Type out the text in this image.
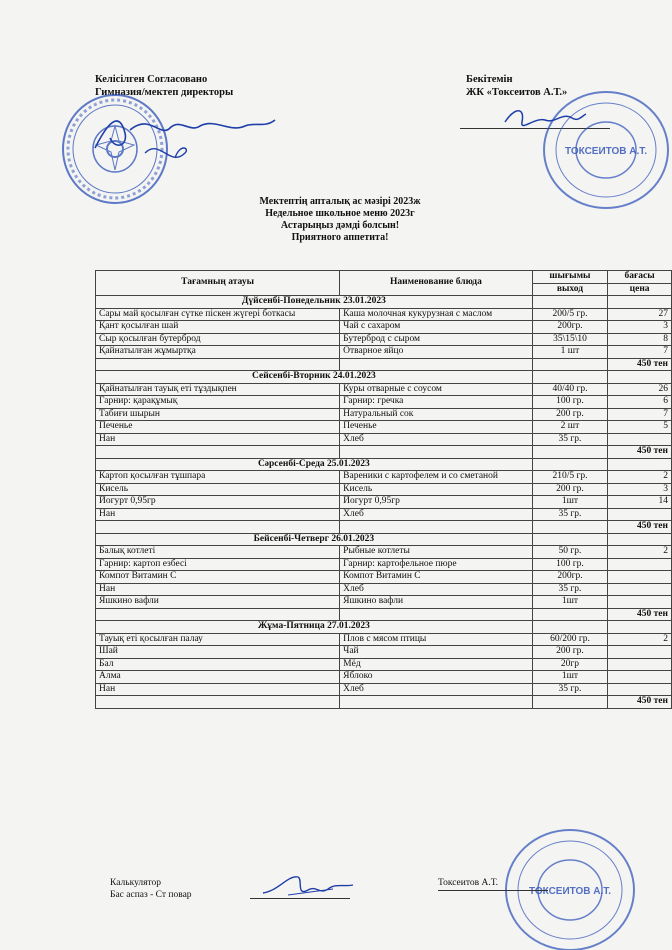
Келісілген Согласовано
Гимназия/мектеп директоры
Бекітемін
ЖК «Токсеитов А.Т.»
ТОКСЕИТОВ А.Т.
Мектептің апталық ас мәзірі 2023ж
Недельное школьное меню 2023г
Астарыңыз дәмді болсын!
Приятного аппетита!
Тағамның атауы	Наименование блюда	шығымы	бағасы
		выход	цена
Дүйсенбі-Понедельник 23.01.2023			
Сары май қосылған сүтке піскен жүгері боткасы	Каша молочная кукурузная с маслом	200/5 гр.	27
Қант қосылған шай	Чай с сахаром	200гр.	3
Сыр қосылған бутерброд	Бутерброд с сыром	35\15\10	8
Қайнатылған жұмыртқа	Отварное яйцо	1 шт	7
			450 тен
Сейсенбі-Вторник 24.01.2023			
Қайнатылған тауық еті тұздықпен	Куры отварные с соусом	40/40 гр.	26
Гарнир: қарақұмық	Гарнир: гречка	100 гр.	6
Табиғи шырын	Натуральный сок	200 гр.	7
Печенье	Печенье	2 шт	5
Нан	Хлеб	35 гр.	
			450 тен
Сәрсенбі-Среда 25.01.2023			
Картоп қосылған тұшпара	Вареники с картофелем и со сметаной	210/5 гр.	2
Кисель	Кисель	200 гр.	3
Йогурт 0,95гр	Йогурт 0,95гр	1шт	14
Нан	Хлеб	35 гр.	
			450 тен
Бейсенбі-Четверг 26.01.2023			
Балық котлеті	Рыбные котлеты	50 гр.	2
Гарнир: картоп езбесі	Гарнир: картофельное пюре	100 гр.	
Компот Витамин С	Компот Витамин С	200гр.	
Нан	Хлеб	35 гр.	
Яшкино вафли	Яшкино вафли	1шт	
			450 тен
Жұма-Пятница 27.01.2023			
Тауық еті қосылған палау	Плов с мясом птицы	60/200 гр.	2
Шай	Чай	200 гр.	
Бал	Мёд	20гр	
Алма	Яблоко	1шт	
Нан	Хлеб	35 гр.	
			450 тен
ТОКСЕИТОВ А.Т.
Калькулятор
Бас аспаз - Ст повар
Токсеитов А.Т.
